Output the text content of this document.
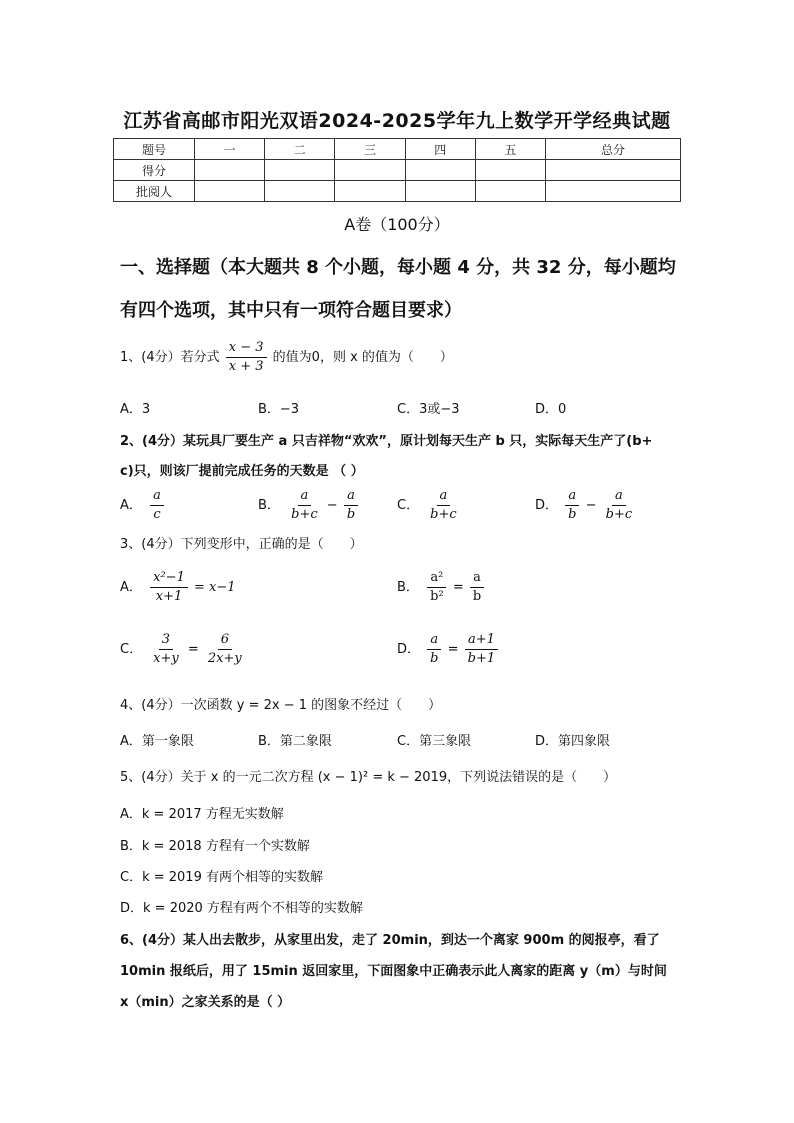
江苏省高邮市阳光双语2024-2025学年九上数学开学经典试题
题号	一	二	三	四	五	总分
得分						
批阅人						
A卷（100分）
一、选择题（本大题共 8 个小题，每小题 4 分，共 32 分，每小题均
有四个选项，其中只有一项符合题目要求）
1、(4分）若分式 $\frac{x - 3}{x + 3}$ 的值为0，则 x 的值为（　　）
A．3	B．−3	C．3或−3	D．0
2、(4分）某玩具厂要生产 a 只吉祥物“欢欢”，原计划每天生产 b 只，实际每天生产了(b+
c)只，则该厂提前完成任务的天数是 （ ）
A． $\frac{a}{c}$	B． $\frac{a}{b+c} - \frac{a}{b}$	C． $\frac{a}{b+c}$	D． $\frac{a}{b} - \frac{a}{b+c}$
3、(4分）下列变形中，正确的是（　　）
A． $\frac{\text{x²−1}}{x+1} = x-1$	B． $\frac{\text{a²}}{\text{b²}} = \frac{a}{b}$
C． $\frac{3}{x+y} = \frac{6}{2x+y}$	D． $\frac{a}{b} = \frac{a+1}{b+1}$
4、(4分）一次函数 y = 2x − 1 的图象不经过（　　）
A．第一象限	B．第二象限	C．第三象限	D．第四象限
5、(4分）关于 x 的一元二次方程 (x − 1)² = k − 2019，下列说法错误的是（　　）
A．k = 2017 方程无实数解
B．k = 2018 方程有一个实数解
C．k = 2019 有两个相等的实数解
D．k = 2020 方程有两个不相等的实数解
6、(4分）某人出去散步，从家里出发，走了 20min，到达一个离家 900m 的阅报亭，看了
10min 报纸后，用了 15min 返回家里，下面图象中正确表示此人离家的距离 y（m）与时间
x（min）之家关系的是（ ）
